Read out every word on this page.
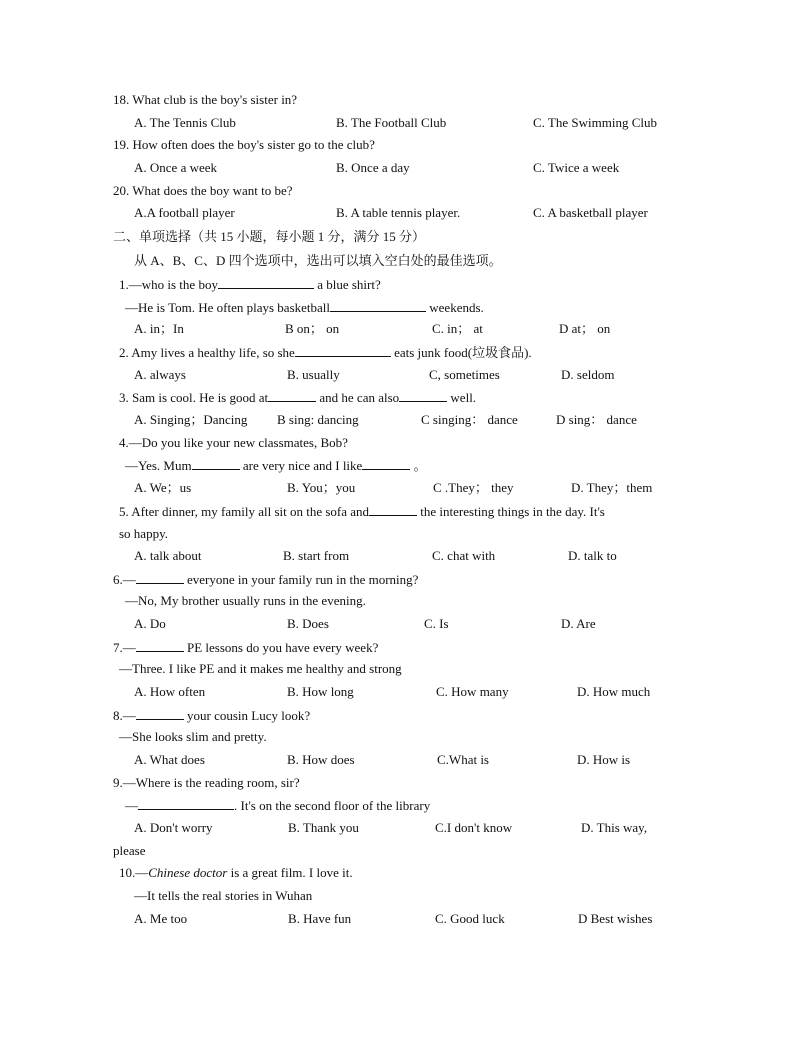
18. What club is the boy's sister in?
A. The Tennis Club	B. The Football Club	C. The Swimming Club
19. How often does the boy's sister go to the club?
A. Once a week	B. Once a day	C. Twice a week
20. What does the boy want to be?
A.A football player	B. A table tennis player.	C. A basketball player
二、单项选择（共 15 小题，每小题 1 分，满分 15 分）
从 A、B、C、D 四个选项中，选出可以填入空白处的最佳选项。
1.—who is the boy	a blue shirt?
—He is Tom. He often plays basketball	weekends.
A. in；In	B on； on	C. in； at	D at； on
2. Amy lives a healthy life, so she	eats junk food(垃圾食品).
A. always	B. usually	C, sometimes	D. seldom
3. Sam is cool. He is good at	and he can also	well.
A. Singing；Dancing B sing: dancing	C singing： dance	D sing： dance
4.—Do you like your new classmates, Bob?
—Yes. Mum	are very nice and I like	。
A. We；us	B. You；you	C .They； they	D. They；them
5. After dinner, my family all sit on the sofa and	the interesting things in the day. It's
so happy.
A. talk about	B. start from	C. chat with	D. talk to
6.—	everyone in your family run in the morning?
—No, My brother usually runs in the evening.
A. Do	B. Does	C. Is	D. Are
7.—	PE lessons do you have every week?
—Three. I like PE and it makes me healthy and strong
A. How often	B. How long	C. How many	D. How much
8.—	your cousin Lucy look?
—She looks slim and pretty.
A. What does	B. How does	C.What is	D. How is
9.—Where is the reading room, sir?
—	. It's on the second floor of the library
A. Don't worry	B. Thank you	C.I don't know	D. This way,
please
10.—Chinese doctor is a great film. I love it.
—It tells the real stories in Wuhan
A. Me too	B. Have fun	C. Good luck	D Best wishes
